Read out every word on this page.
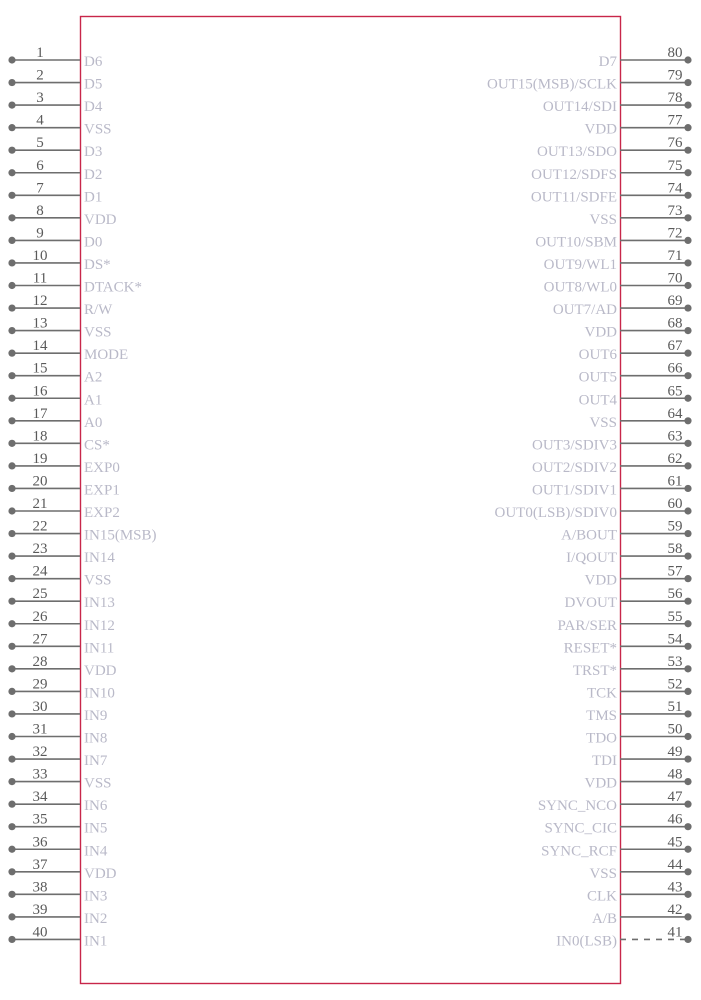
1
D6
2
D5
3
D4
4
VSS
5
D3
6
D2
7
D1
8
VDD
9
D0
10
DS*
11
DTACK*
12
R/W
13
VSS
14
MODE
15
A2
16
A1
17
A0
18
CS*
19
EXP0
20
EXP1
21
EXP2
22
IN15(MSB)
23
IN14
24
VSS
25
IN13
26
IN12
27
IN11
28
VDD
29
IN10
30
IN9
31
IN8
32
IN7
33
VSS
34
IN6
35
IN5
36
IN4
37
VDD
38
IN3
39
IN2
40
IN1
80
D7
79
OUT15(MSB)/SCLK
78
OUT14/SDI
77
VDD
76
OUT13/SDO
75
OUT12/SDFS
74
OUT11/SDFE
73
VSS
72
OUT10/SBM
71
OUT9/WL1
70
OUT8/WL0
69
OUT7/AD
68
VDD
67
OUT6
66
OUT5
65
OUT4
64
VSS
63
OUT3/SDIV3
62
OUT2/SDIV2
61
OUT1/SDIV1
60
OUT0(LSB)/SDIV0
59
A/BOUT
58
I/QOUT
57
VDD
56
DVOUT
55
PAR/SER
54
RESET*
53
TRST*
52
TCK
51
TMS
50
TDO
49
TDI
48
VDD
47
SYNC_NCO
46
SYNC_CIC
45
SYNC_RCF
44
VSS
43
CLK
42
A/B
41
IN0(LSB)
